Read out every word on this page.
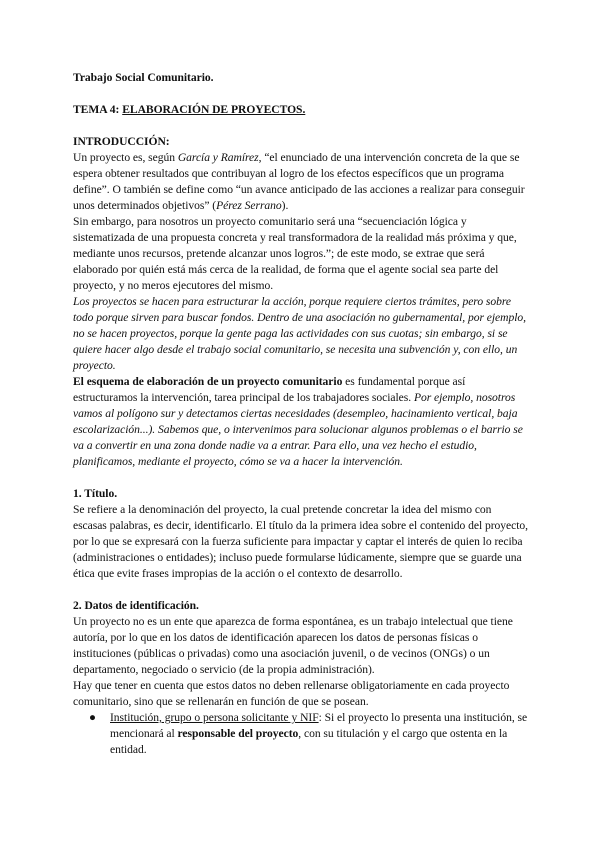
Trabajo Social Comunitario.

TEMA 4: ELABORACIÓN DE PROYECTOS.

INTRODUCCIÓN:

Un proyecto es, según García y Ramírez, “el enunciado de una intervención concreta de la que se espera obtener resultados que contribuyan al logro de los efectos específicos que un programa define”. O también se define como “un avance anticipado de las acciones a realizar para conseguir unos determinados objetivos” (Pérez Serrano).

Sin embargo, para nosotros un proyecto comunitario será una “secuenciación lógica y sistematizada de una propuesta concreta y real transformadora de la realidad más próxima y que, mediante unos recursos, pretende alcanzar unos logros.”; de este modo, se extrae que será elaborado por quién está más cerca de la realidad, de forma que el agente social sea parte del proyecto, y no meros ejecutores del mismo.

Los proyectos se hacen para estructurar la acción, porque requiere ciertos trámites, pero sobre todo porque sirven para buscar fondos. Dentro de una asociación no gubernamental, por ejemplo, no se hacen proyectos, porque la gente paga las actividades con sus cuotas; sin embargo, si se quiere hacer algo desde el trabajo social comunitario, se necesita una subvención y, con ello, un proyecto.

El esquema de elaboración de un proyecto comunitario es fundamental porque así estructuramos la intervención, tarea principal de los trabajadores sociales. Por ejemplo, nosotros vamos al polígono sur y detectamos ciertas necesidades (desempleo, hacinamiento vertical, baja escolarización...). Sabemos que, o intervenimos para solucionar algunos problemas o el barrio se va a convertir en una zona donde nadie va a entrar. Para ello, una vez hecho el estudio, planificamos, mediante el proyecto, cómo se va a hacer la intervención.

1. Título.

Se refiere a la denominación del proyecto, la cual pretende concretar la idea del mismo con escasas palabras, es decir, identificarlo. El título da la primera idea sobre el contenido del proyecto, por lo que se expresará con la fuerza suficiente para impactar y captar el interés de quien lo reciba (administraciones o entidades); incluso puede formularse lúdicamente, siempre que se guarde una ética que evite frases impropias de la acción o el contexto de desarrollo.

2. Datos de identificación.

Un proyecto no es un ente que aparezca de forma espontánea, es un trabajo intelectual que tiene autoría, por lo que en los datos de identificación aparecen los datos de personas físicas o instituciones (públicas o privadas) como una asociación juvenil, o de vecinos (ONGs) o un departamento, negociado o servicio (de la propia administración).

Hay que tener en cuenta que estos datos no deben rellenarse obligatoriamente en cada proyecto comunitario, sino que se rellenarán en función de que se posean.

● Institución, grupo o persona solicitante y NIF: Si el proyecto lo presenta una institución, se mencionará al responsable del proyecto, con su titulación y el cargo que ostenta en la entidad.
